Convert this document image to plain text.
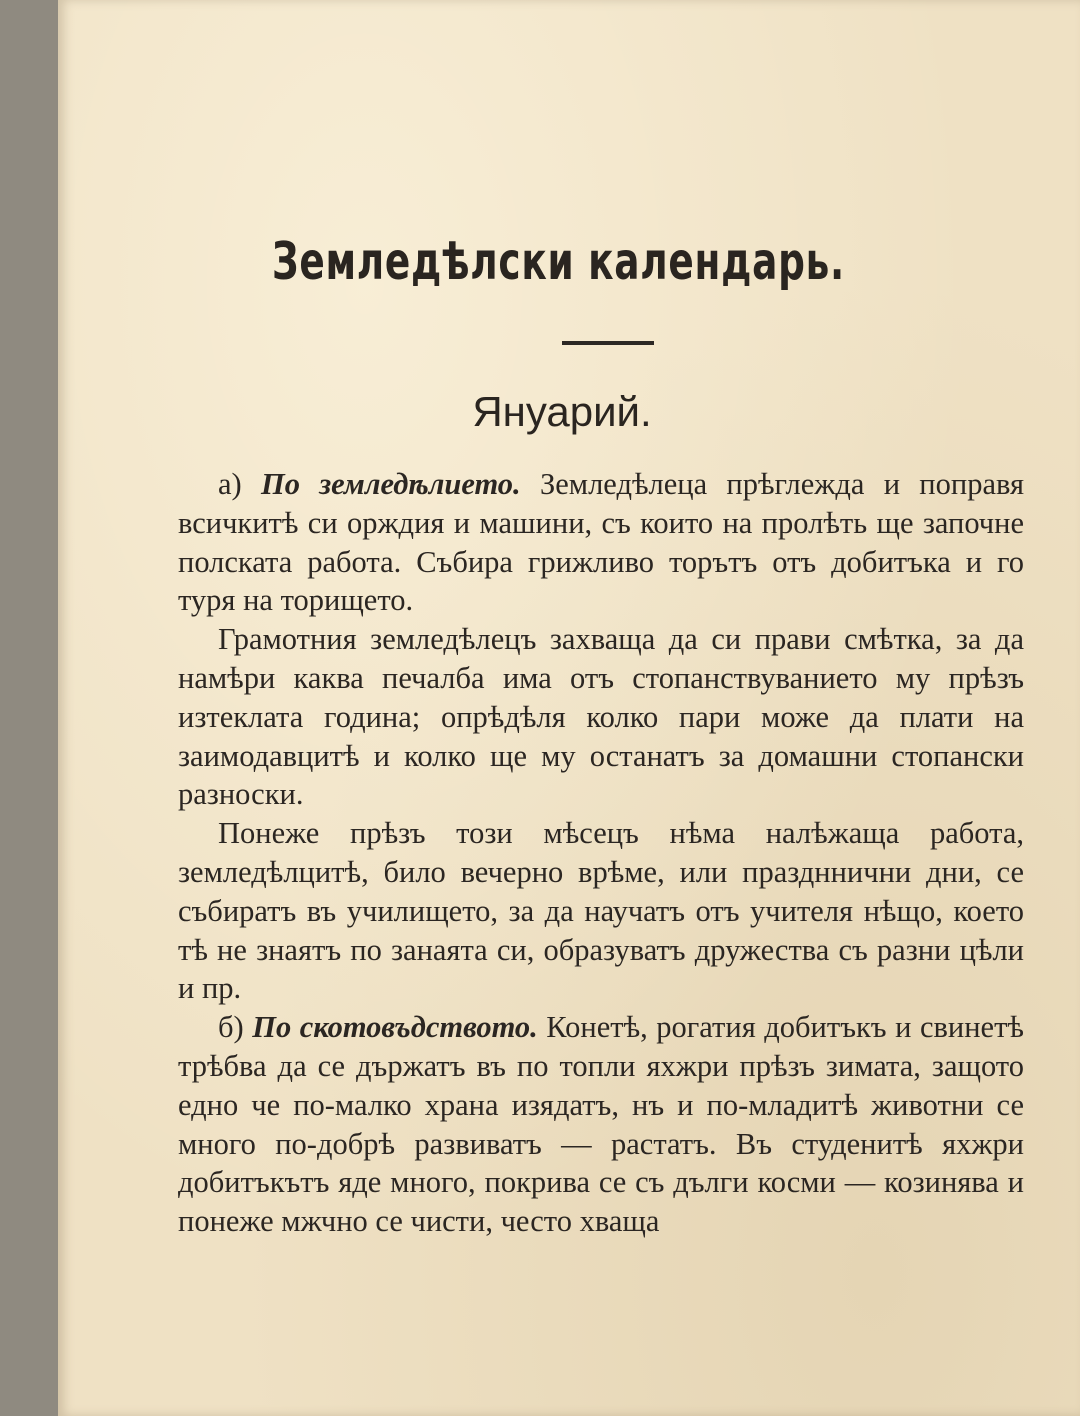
Земледѣлски календарь.
Януарий.

а) По земледѣлието. Земледѣлеца прѣглежда и поправя всичкитѣ си орждия и машини, съ които на пролѣть ще започне полската работа. Събира грижливо торътъ отъ добитъка и го туря на торището.

Грамотния земледѣлецъ захваща да си прави смѣтка, за да намѣри каква печалба има отъ стопанствуванието му прѣзъ изтеклата година; опрѣдѣля колко пари може да плати на заимодавцитѣ и колко ще му останатъ за домашни стопански разноски.

Понеже прѣзъ този мѣсецъ нѣма налѣжаща работа, земледѣлцитѣ, било вечерно врѣме, или праздннични дни, се събиратъ въ училището, за да научатъ отъ учителя нѣщо, което тѣ не знаятъ по занаята си, образуватъ дружества съ разни цѣли и пр.

б) По скотовъдството. Конетѣ, рогатия добитъкъ и свинетѣ трѣбва да се държатъ въ по топли яхжри прѣзъ зимата, защото едно че по-малко храна изядатъ, нъ и по-младитѣ животни се много по-добрѣ развиватъ — растатъ. Въ студенитѣ яхжри добитъкътъ яде много, покрива се съ дълги косми — козинява и понеже мжчно се чисти, често хваща
